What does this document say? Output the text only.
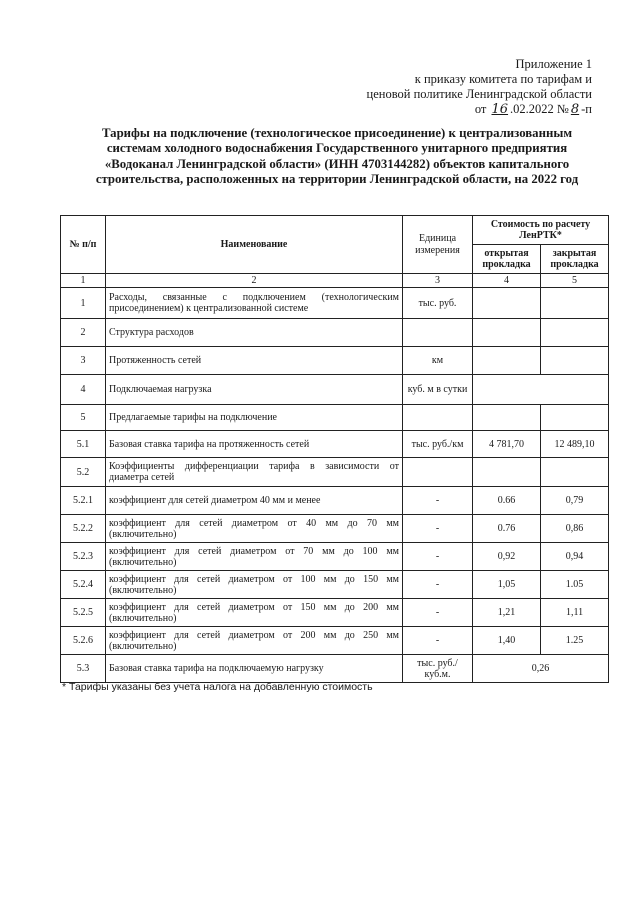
Приложение 1
к приказу комитета по тарифам и
ценовой политике Ленинградской области
от 16 .02.2022 № 8 -п
Тарифы на подключение (технологическое присоединение) к централизованным
системам холодного водоснабжения Государственного унитарного предприятия
«Водоканал Ленинградской области» (ИНН 4703144282) объектов капитального
строительства, расположенных на территории Ленинградской области, на 2022 год
№ п/п	Наименование	Единица измерения	Стоимость по расчету ЛенРТК*	
			открытая прокладка	закрытая прокладка
1	2	3	4	5
1	Расходы, связанные с подключением (технологическим присоединением) к централизованной системе	тыс. руб.		
2	Структура расходов			
3	Протяженность сетей	км		
4	Подключаемая нагрузка	куб. м в сутки		
5	Предлагаемые тарифы на подключение			
5.1	Базовая ставка тарифа на протяженность сетей	тыс. руб./км	4 781,70	12 489,10
5.2	Коэффициенты дифференциации тарифа в зависимости от диаметра сетей			
5.2.1	коэффициент для сетей диаметром 40 мм и менее	-	0.66	0,79
5.2.2	коэффициент для сетей диаметром от 40 мм до 70 мм (включительно)	-	0.76	0,86
5.2.3	коэффициент для сетей диаметром от 70 мм до 100 мм (включительно)	-	0,92	0,94
5.2.4	коэффициент для сетей диаметром от 100 мм до 150 мм (включительно)	-	1,05	1.05
5.2.5	коэффициент для сетей диаметром от 150 мм до 200 мм (включительно)	-	1,21	1,11
5.2.6	коэффициент для сетей диаметром от 200 мм до 250 мм (включительно)	-	1,40	1.25
5.3	Базовая ставка тарифа на подключаемую нагрузку	тыс. руб./куб.м.	0,26	
* Тарифы указаны без учета налога на добавленную стоимость
